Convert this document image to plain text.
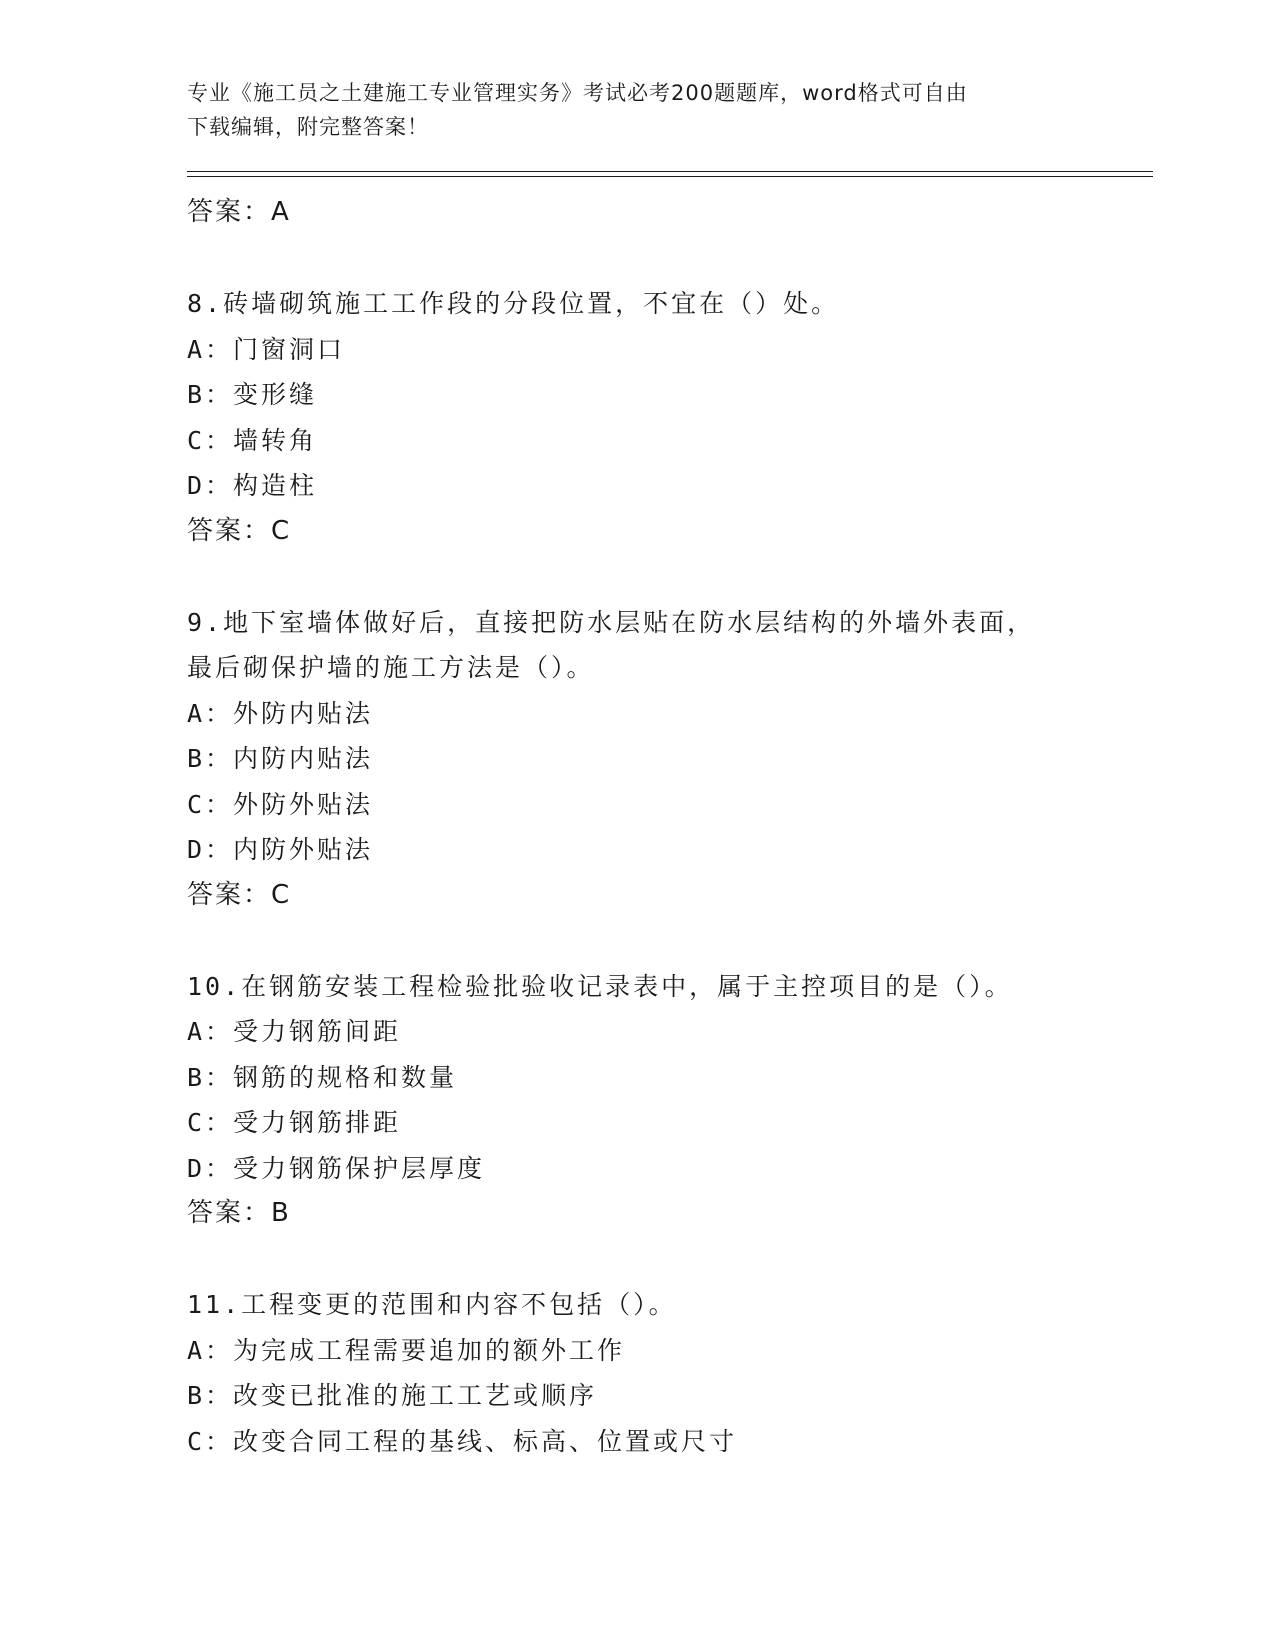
专业《施工员之土建施工专业管理实务》考试必考200题题库，word格式可自由
下载编辑，附完整答案！
答案：A
8.砖墙砌筑施工工作段的分段位置，不宜在（）处。
A：门窗洞口
B：变形缝
C：墙转角
D：构造柱
答案：C
9.地下室墙体做好后，直接把防水层贴在防水层结构的外墙外表面，
最后砌保护墙的施工方法是（）。
A：外防内贴法
B：内防内贴法
C：外防外贴法
D：内防外贴法
答案：C
10.在钢筋安装工程检验批验收记录表中，属于主控项目的是（）。
A：受力钢筋间距
B：钢筋的规格和数量
C：受力钢筋排距
D：受力钢筋保护层厚度
答案：B
11.工程变更的范围和内容不包括（）。
A：为完成工程需要追加的额外工作
B：改变已批准的施工工艺或顺序
C：改变合同工程的基线、标高、位置或尺寸
